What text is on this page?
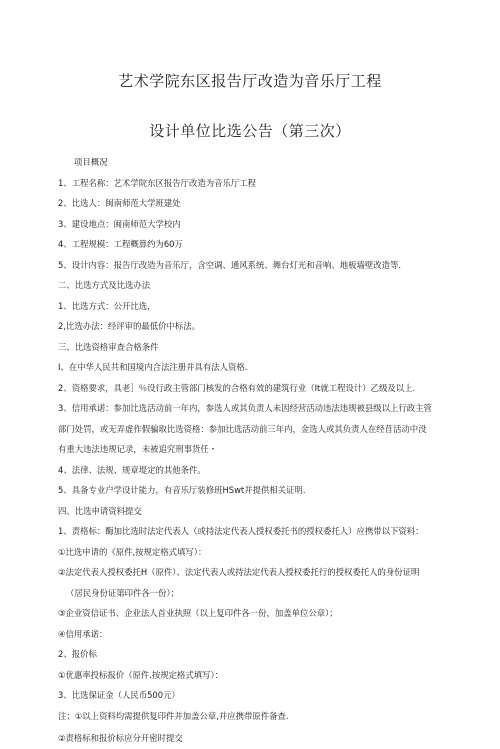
艺术学院东区报告厅改造为音乐厅工程
设计单位比选公告（第三次）
项目概况
1、工程名称：艺术学院东区报告厅改造为音乐厅工程
2、比选人：闽南师范大学班建处
3、建设地点：闽南师范大学校内
4、工程规模：工程概算约为60万
5、设计内容：报告厅改造为音乐厅，含空调、通风系统、舞台灯光和音响、地板墙壁改造等.
二、比选方式及比选办法
1、比选方式：公开比选，
2,比选办法：经评审的最低价中标法。
三、比选资格审查合格条件
I、在中华人民共和国境内合法注册并具有法人资格.
2、资格要求，具老］％设行政主管部门核发的合格有效的建筑行业（It就工程设计）乙级及以上.
3、信用承诺：参加比选活动前一年内，参选人或其负责人未因经营活动违法违规被县级以上行政主管
部门处罚，或无弄虚作假骗取比选资格：参加比选活动前三年内，金选人或其负责人在经苜活动中没
有重大违法违规记录，未被追究刑事货任・
4、法律、法规、规章堤定的其他条件。
5、具备专业户学设计能力，有音乐厅装修班HSwt并提供相关证明.
四、比选申请资料提交
1、责格标：酶加比选时法定代表人（或持法定代表人授权委托书的授权委托人）应携带以下资料：
①比选申请的《原件,按规定格式填写）：
②法定代表人授权委托H（原件）、法定代表人或持法定代表人授权委托行的授权委托人的身份证明
（居民身份证第印件各一份）；
③企业资信证书、企业法人首业执照（以上复印件各一份，加盖单位公章）；
④信用承诺：
2、报价标
①优惠率投标报价（原件.按规定格式填写）：
3、比选保证金（人民币500元）
注；①以上资料均需提供复印件并加盖公章,并应携带原件备查.
②责格标和报价标应分开密时提交
